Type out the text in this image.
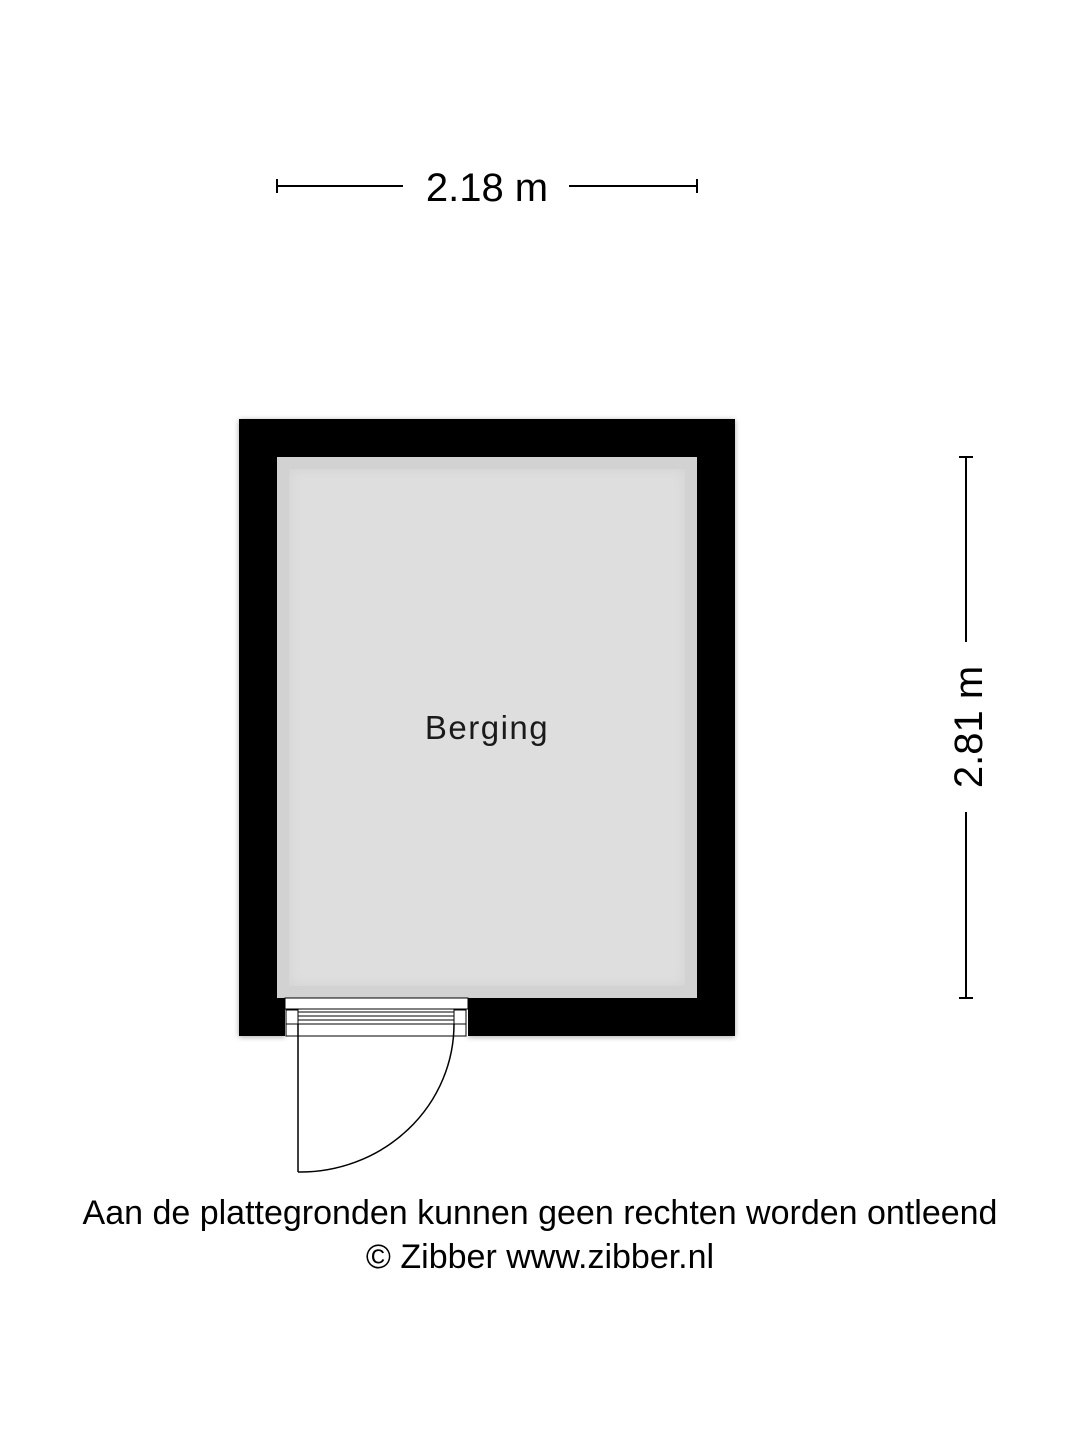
2.18 m
2.81 m
Berging
Aan de plattegronden kunnen geen rechten worden ontleend
© Zibber www.zibber.nl
